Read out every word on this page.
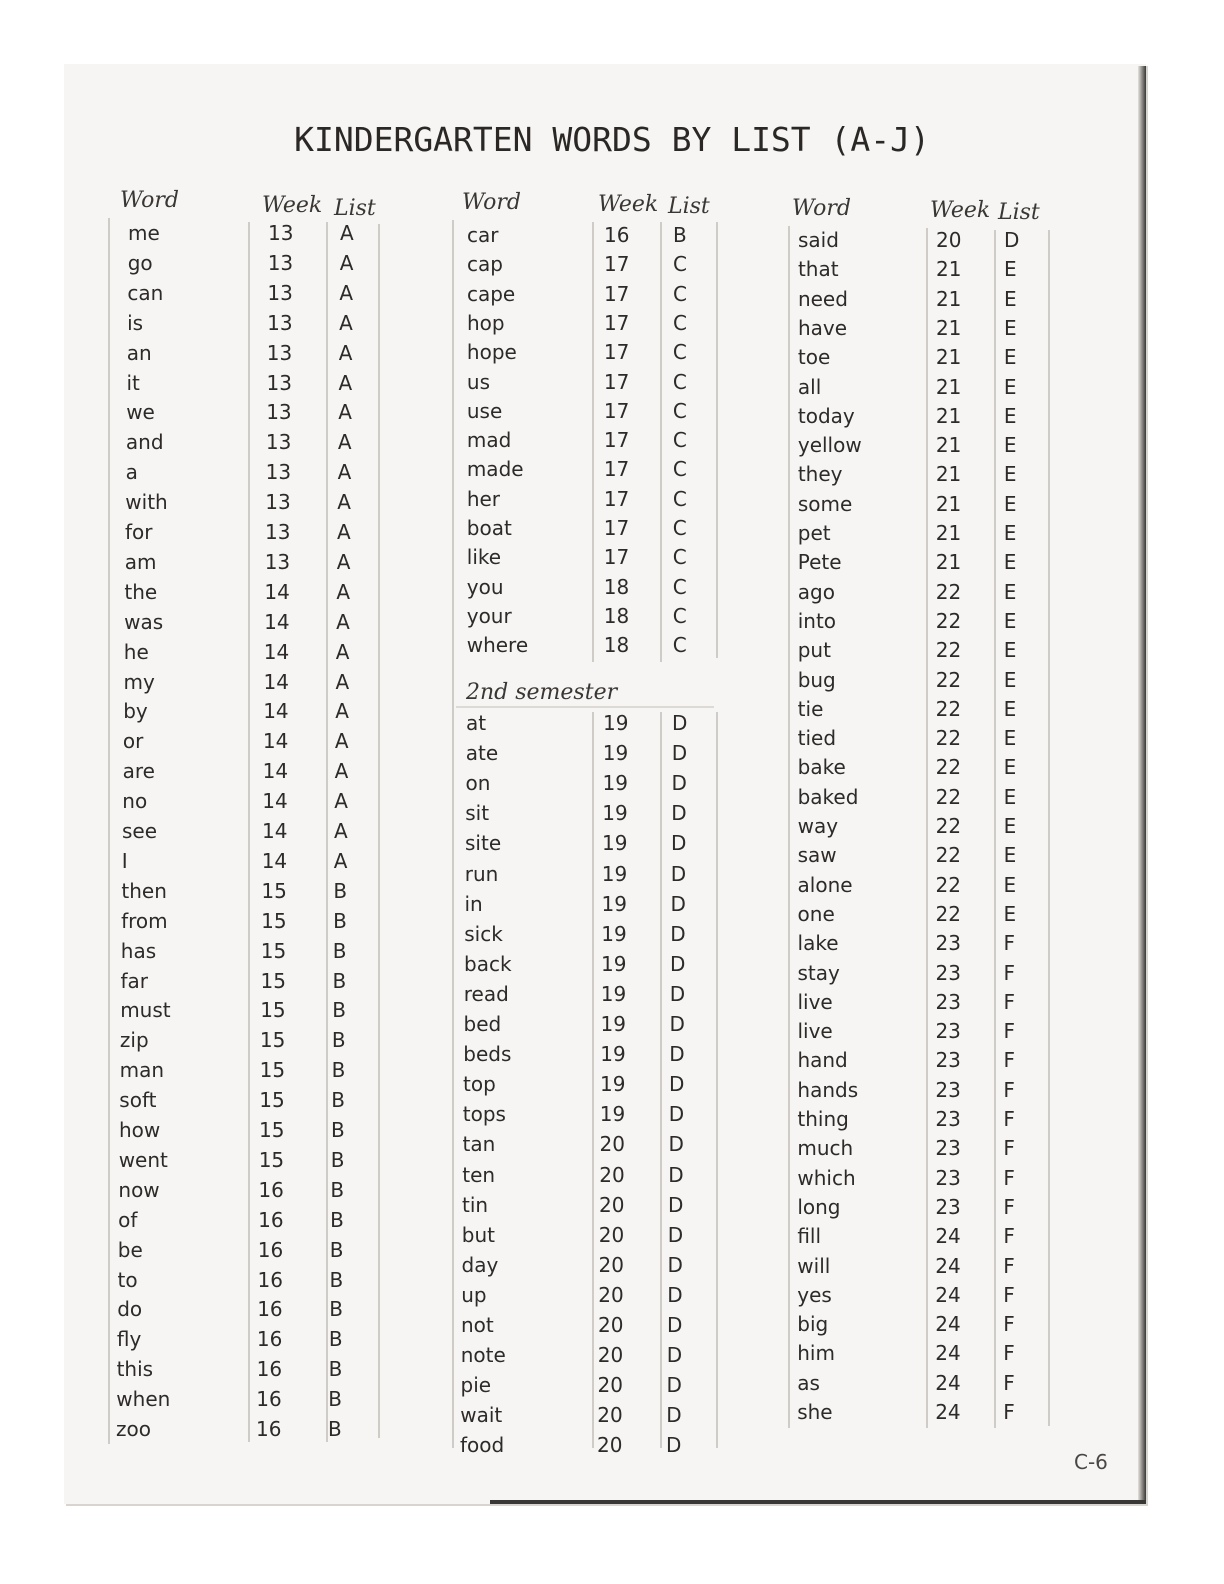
KINDERGARTEN WORDS BY LIST (A-J)
Word	Week List
me	13 A
go	13 A
can	13 A
is	13 A
an	13 A
it	13 A
we	13 A
and	13 A
a	13 A
with	13 A
for	13 A
am	13 A
the	14 A
was	14 A
he	14 A
my	14 A
by	14 A
or	14 A
are	14 A
no	14 A
see	14 A
I	14 A
then	15 B
from	15 B
has	15 B
far	15 B
must	15 B
zip	15 B
man	15 B
soft	15 B
how	15 B
went	15 B
now	16 B
of	16 B
be	16 B
to	16 B
do	16 B
fly	16 B
this	16 B
when	16 B
zoo	16 B
Word	Week List
2nd semester
car	16 B
cap	17 C
cape	17 C
hop	17 C
hope	17 C
us	17 C
use	17 C
mad	17 C
made	17 C
her	17 C
boat	17 C
like	17 C
you	18 C
your	18 C
where	18 C
at	19 D
ate	19 D
on	19 D
sit	19 D
site	19 D
run	19 D
in	19 D
sick	19 D
back	19 D
read	19 D
bed	19 D
beds	19 D
top	19 D
tops	19 D
tan	20 D
ten	20 D
tin	20 D
but	20 D
day	20 D
up	20 D
not	20 D
note	20 D
pie	20 D
wait	20 D
food	20 D
Word	Week List
said	20 D
that	21 E
need	21 E
have	21 E
toe	21 E
all	21 E
today	21 E
yellow	21 E
they	21 E
some	21 E
pet	21 E
Pete	21 E
ago	22 E
into	22 E
put	22 E
bug	22 E
tie	22 E
tied	22 E
bake	22 E
baked	22 E
way	22 E
saw	22 E
alone	22 E
one	22 E
lake	23 F
stay	23 F
live	23 F
live	23 F
hand	23 F
hands	23 F
thing	23 F
much	23 F
which	23 F
long	23 F
fill	24 F
will	24 F
yes	24 F
big	24 F
him	24 F
as	24 F
she	24 F
C-6
